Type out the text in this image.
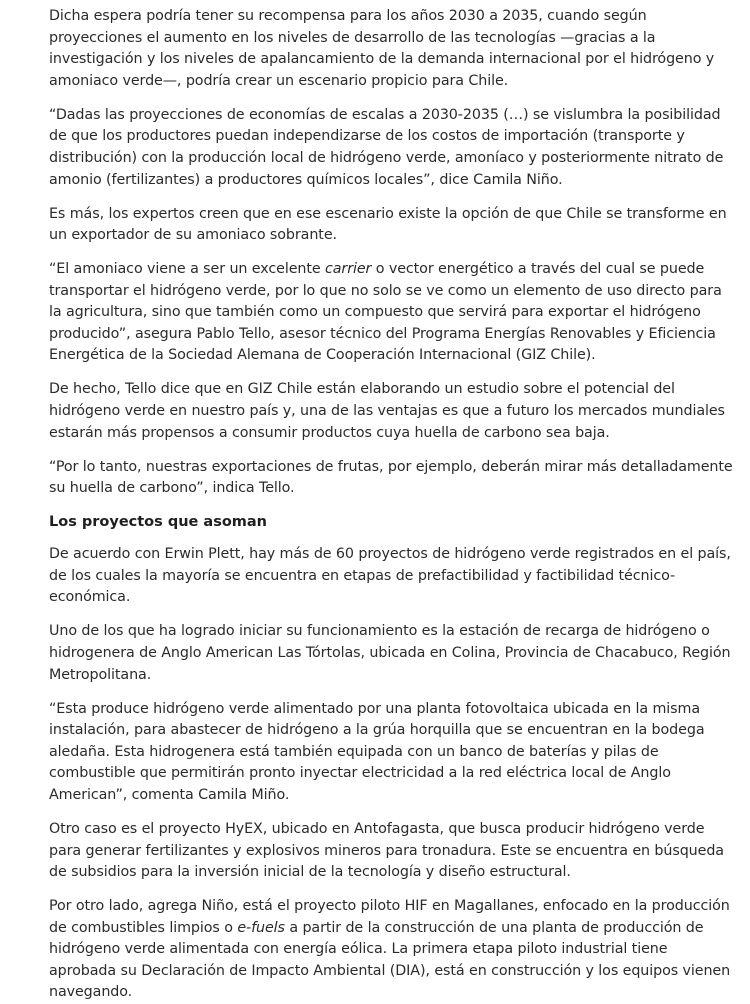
Dicha espera podría tener su recompensa para los años 2030 a 2035, cuando según proyecciones el aumento en los niveles de desarrollo de las tecnologías —gracias a la investigación y los niveles de apalancamiento de la demanda internacional por el hidrógeno y amoniaco verde—, podría crear un escenario propicio para Chile.

“Dadas las proyecciones de economías de escalas a 2030-2035 (…) se vislumbra la posibilidad de que los productores puedan independizarse de los costos de importación (transporte y distribución) con la producción local de hidrógeno verde, amoníaco y posteriormente nitrato de amonio (fertilizantes) a productores químicos locales”, dice Camila Niño.

Es más, los expertos creen que en ese escenario existe la opción de que Chile se transforme en un exportador de su amoniaco sobrante.

“El amoniaco viene a ser un excelente carrier o vector energético a través del cual se puede transportar el hidrógeno verde, por lo que no solo se ve como un elemento de uso directo para la agricultura, sino que también como un compuesto que servirá para exportar el hidrógeno producido”, asegura Pablo Tello, asesor técnico del Programa Energías Renovables y Eficiencia Energética de la Sociedad Alemana de Cooperación Internacional (GIZ Chile).

De hecho, Tello dice que en GIZ Chile están elaborando un estudio sobre el potencial del hidrógeno verde en nuestro país y, una de las ventajas es que a futuro los mercados mundiales estarán más propensos a consumir productos cuya huella de carbono sea baja.

“Por lo tanto, nuestras exportaciones de frutas, por ejemplo, deberán mirar más detalladamente su huella de carbono”, indica Tello.

Los proyectos que asoman

De acuerdo con Erwin Plett, hay más de 60 proyectos de hidrógeno verde registrados en el país, de los cuales la mayoría se encuentra en etapas de prefactibilidad y factibilidad técnico-económica.

Uno de los que ha logrado iniciar su funcionamiento es la estación de recarga de hidrógeno o hidrogenera de Anglo American Las Tórtolas, ubicada en Colina, Provincia de Chacabuco, Región Metropolitana.

“Esta produce hidrógeno verde alimentado por una planta fotovoltaica ubicada en la misma instalación, para abastecer de hidrógeno a la grúa horquilla que se encuentran en la bodega aledaña. Esta hidrogenera está también equipada con un banco de baterías y pilas de combustible que permitirán pronto inyectar electricidad a la red eléctrica local de Anglo American”, comenta Camila Miño.

Otro caso es el proyecto HyEX, ubicado en Antofagasta, que busca producir hidrógeno verde para generar fertilizantes y explosivos mineros para tronadura. Este se encuentra en búsqueda de subsidios para la inversión inicial de la tecnología y diseño estructural.

Por otro lado, agrega Niño, está el proyecto piloto HIF en Magallanes, enfocado en la producción de combustibles limpios o e-fuels a partir de la construcción de una planta de producción de hidrógeno verde alimentada con energía eólica. La primera etapa piloto industrial tiene aprobada su Declaración de Impacto Ambiental (DIA), está en construcción y los equipos vienen navegando.
